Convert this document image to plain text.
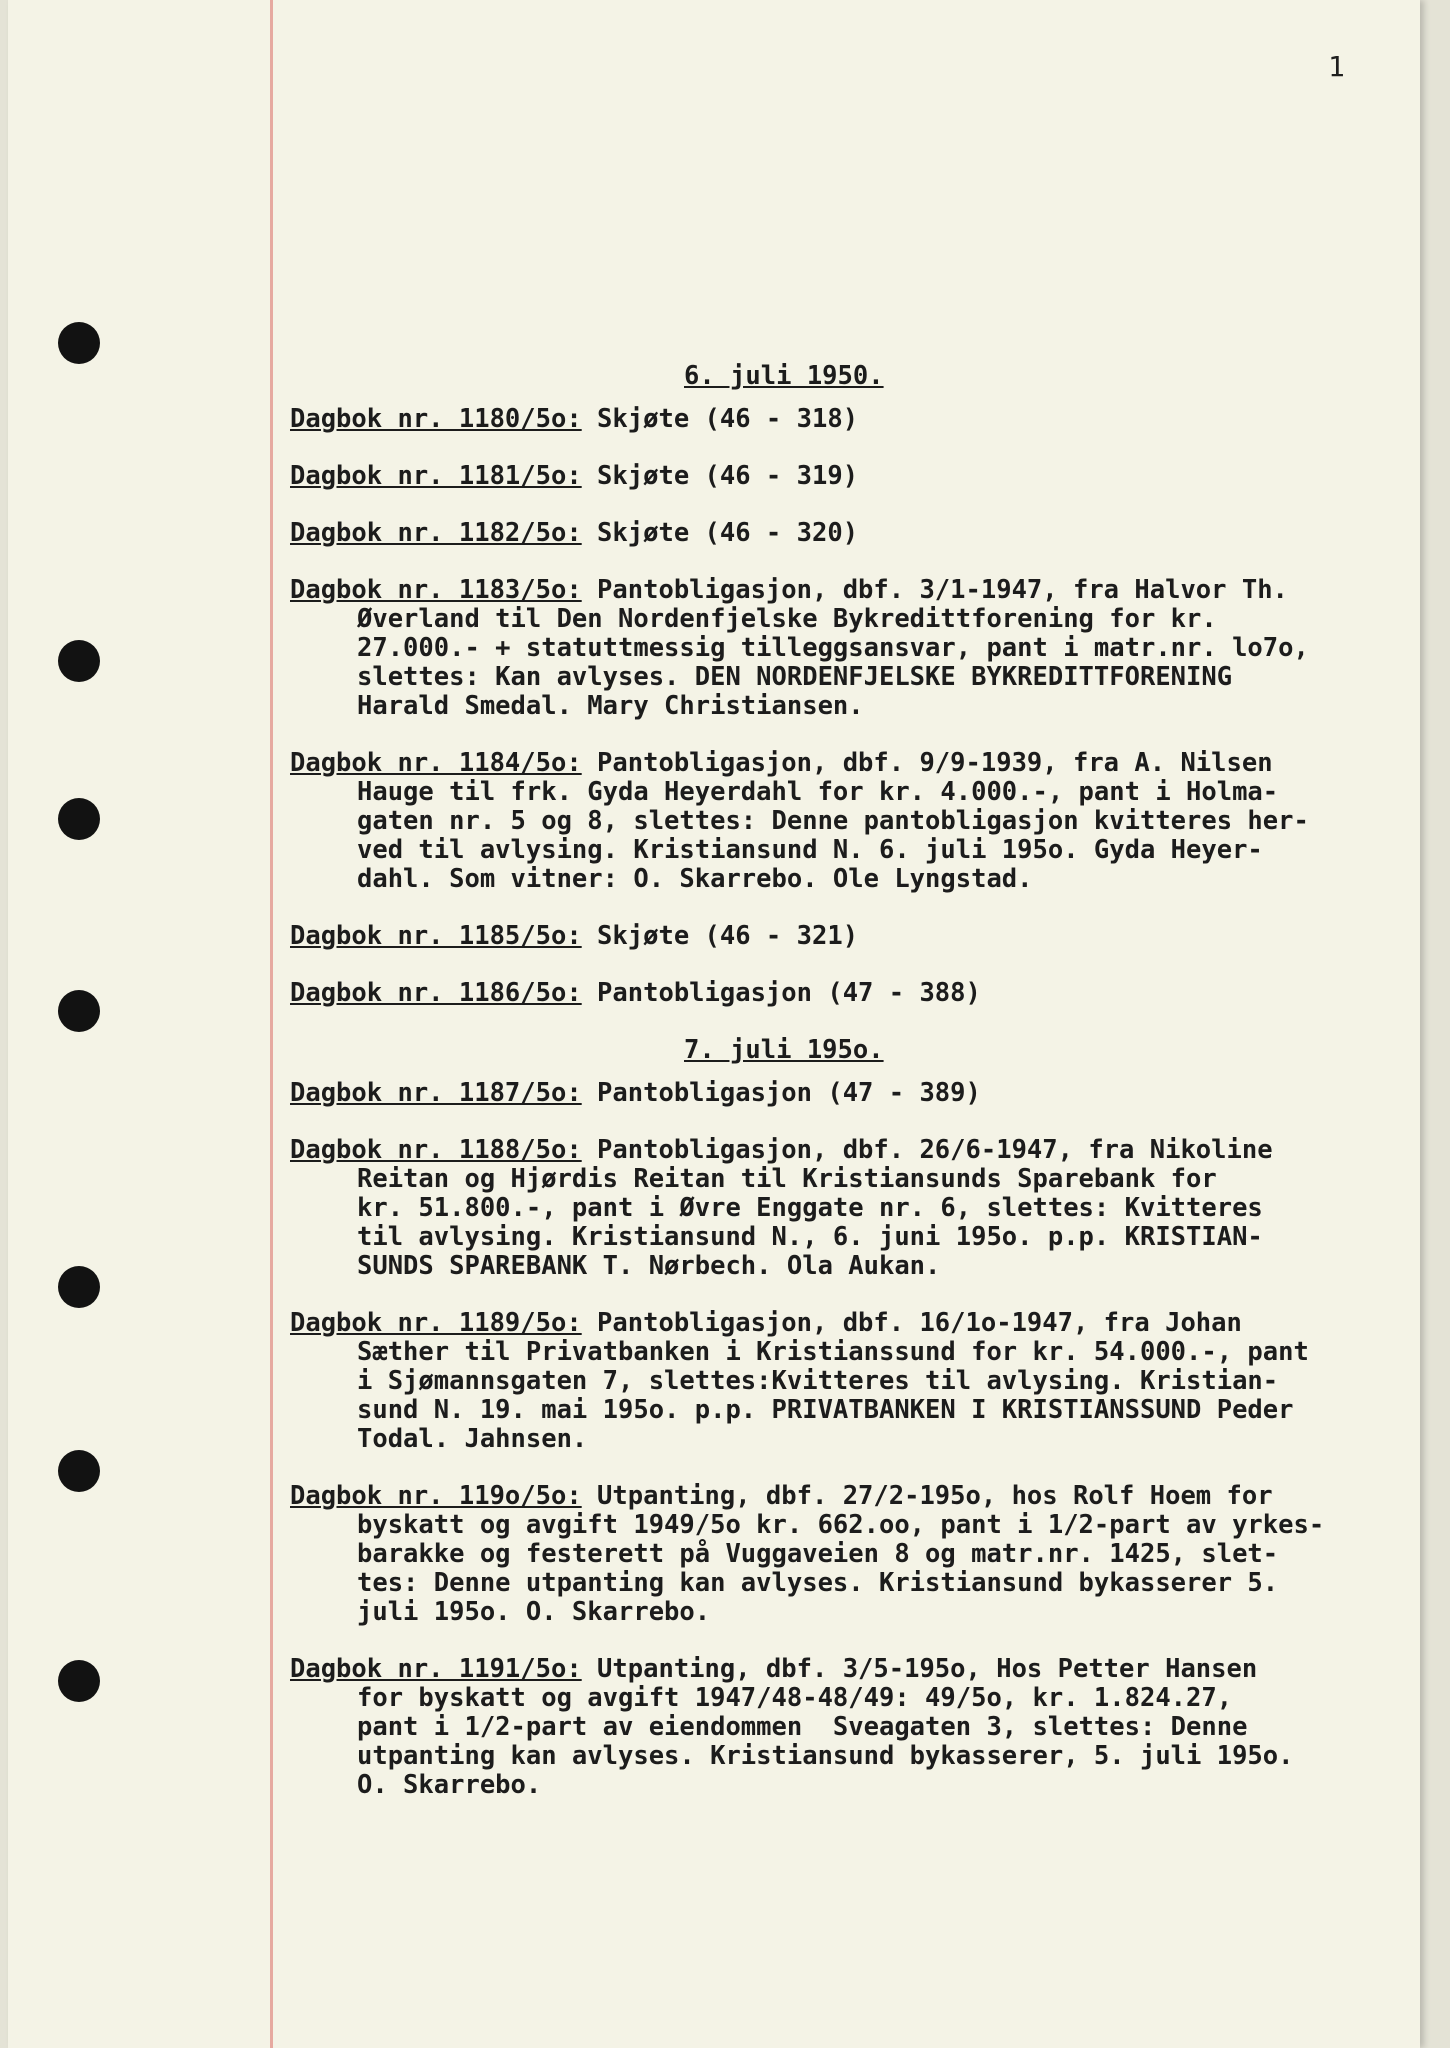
1
6. juli 1950.
Dagbok nr. 1180/5o: Skjøte (46 - 318)
Dagbok nr. 1181/5o: Skjøte (46 - 319)
Dagbok nr. 1182/5o: Skjøte (46 - 320)
Dagbok nr. 1183/5o: Pantobligasjon, dbf. 3/1-1947, fra Halvor Th.
Øverland til Den Nordenfjelske Bykredittforening for kr.
27.000.- + statuttmessig tilleggsansvar, pant i matr.nr. lo7o,
slettes: Kan avlyses. DEN NORDENFJELSKE BYKREDITTFORENING
Harald Smedal. Mary Christiansen.
Dagbok nr. 1184/5o: Pantobligasjon, dbf. 9/9-1939, fra A. Nilsen
Hauge til frk. Gyda Heyerdahl for kr. 4.000.-, pant i Holma-
gaten nr. 5 og 8, slettes: Denne pantobligasjon kvitteres her-
ved til avlysing. Kristiansund N. 6. juli 195o. Gyda Heyer-
dahl. Som vitner: O. Skarrebo. Ole Lyngstad.
Dagbok nr. 1185/5o: Skjøte (46 - 321)
Dagbok nr. 1186/5o: Pantobligasjon (47 - 388)
7. juli 195o.
Dagbok nr. 1187/5o: Pantobligasjon (47 - 389)
Dagbok nr. 1188/5o: Pantobligasjon, dbf. 26/6-1947, fra Nikoline
Reitan og Hjørdis Reitan til Kristiansunds Sparebank for
kr. 51.800.-, pant i Øvre Enggate nr. 6, slettes: Kvitteres
til avlysing. Kristiansund N., 6. juni 195o. p.p. KRISTIAN-
SUNDS SPAREBANK T. Nørbech. Ola Aukan.
Dagbok nr. 1189/5o: Pantobligasjon, dbf. 16/1o-1947, fra Johan
Sæther til Privatbanken i Kristianssund for kr. 54.000.-, pant
i Sjømannsgaten 7, slettes:Kvitteres til avlysing. Kristian-
sund N. 19. mai 195o. p.p. PRIVATBANKEN I KRISTIANSSUND Peder
Todal. Jahnsen.
Dagbok nr. 119o/5o: Utpanting, dbf. 27/2-195o, hos Rolf Hoem for
byskatt og avgift 1949/5o kr. 662.oo, pant i 1/2-part av yrkes-
barakke og festerett på Vuggaveien 8 og matr.nr. 1425, slet-
tes: Denne utpanting kan avlyses. Kristiansund bykasserer 5.
juli 195o. O. Skarrebo.
Dagbok nr. 1191/5o: Utpanting, dbf. 3/5-195o, Hos Petter Hansen
for byskatt og avgift 1947/48-48/49: 49/5o, kr. 1.824.27,
pant i 1/2-part av eiendommen  Sveagaten 3, slettes: Denne
utpanting kan avlyses. Kristiansund bykasserer, 5. juli 195o.
O. Skarrebo.
